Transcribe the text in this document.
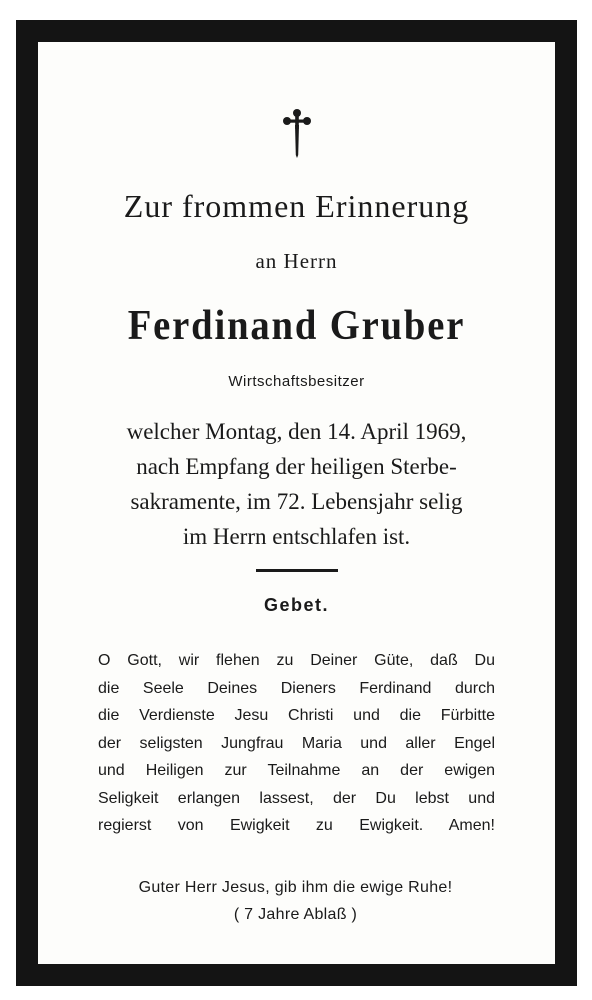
Zur frommen Erinnerung
an Herrn
Ferdinand Gruber
Wirtschaftsbesitzer
welcher Montag, den 14. April 1969,
nach Empfang der heiligen Sterbe-
sakramente, im 72. Lebensjahr selig
im Herrn entschlafen ist.
Gebet.
O Gott, wir flehen zu Deiner Güte, daß Du
die Seele Deines Dieners Ferdinand durch
die Verdienste Jesu Christi und die Fürbitte
der seligsten Jungfrau Maria und aller Engel
und Heiligen zur Teilnahme an der ewigen
Seligkeit erlangen lassest, der Du lebst und
regierst von Ewigkeit zu Ewigkeit. Amen!
Guter Herr Jesus, gib ihm die ewige Ruhe!
( 7 Jahre Ablaß )
